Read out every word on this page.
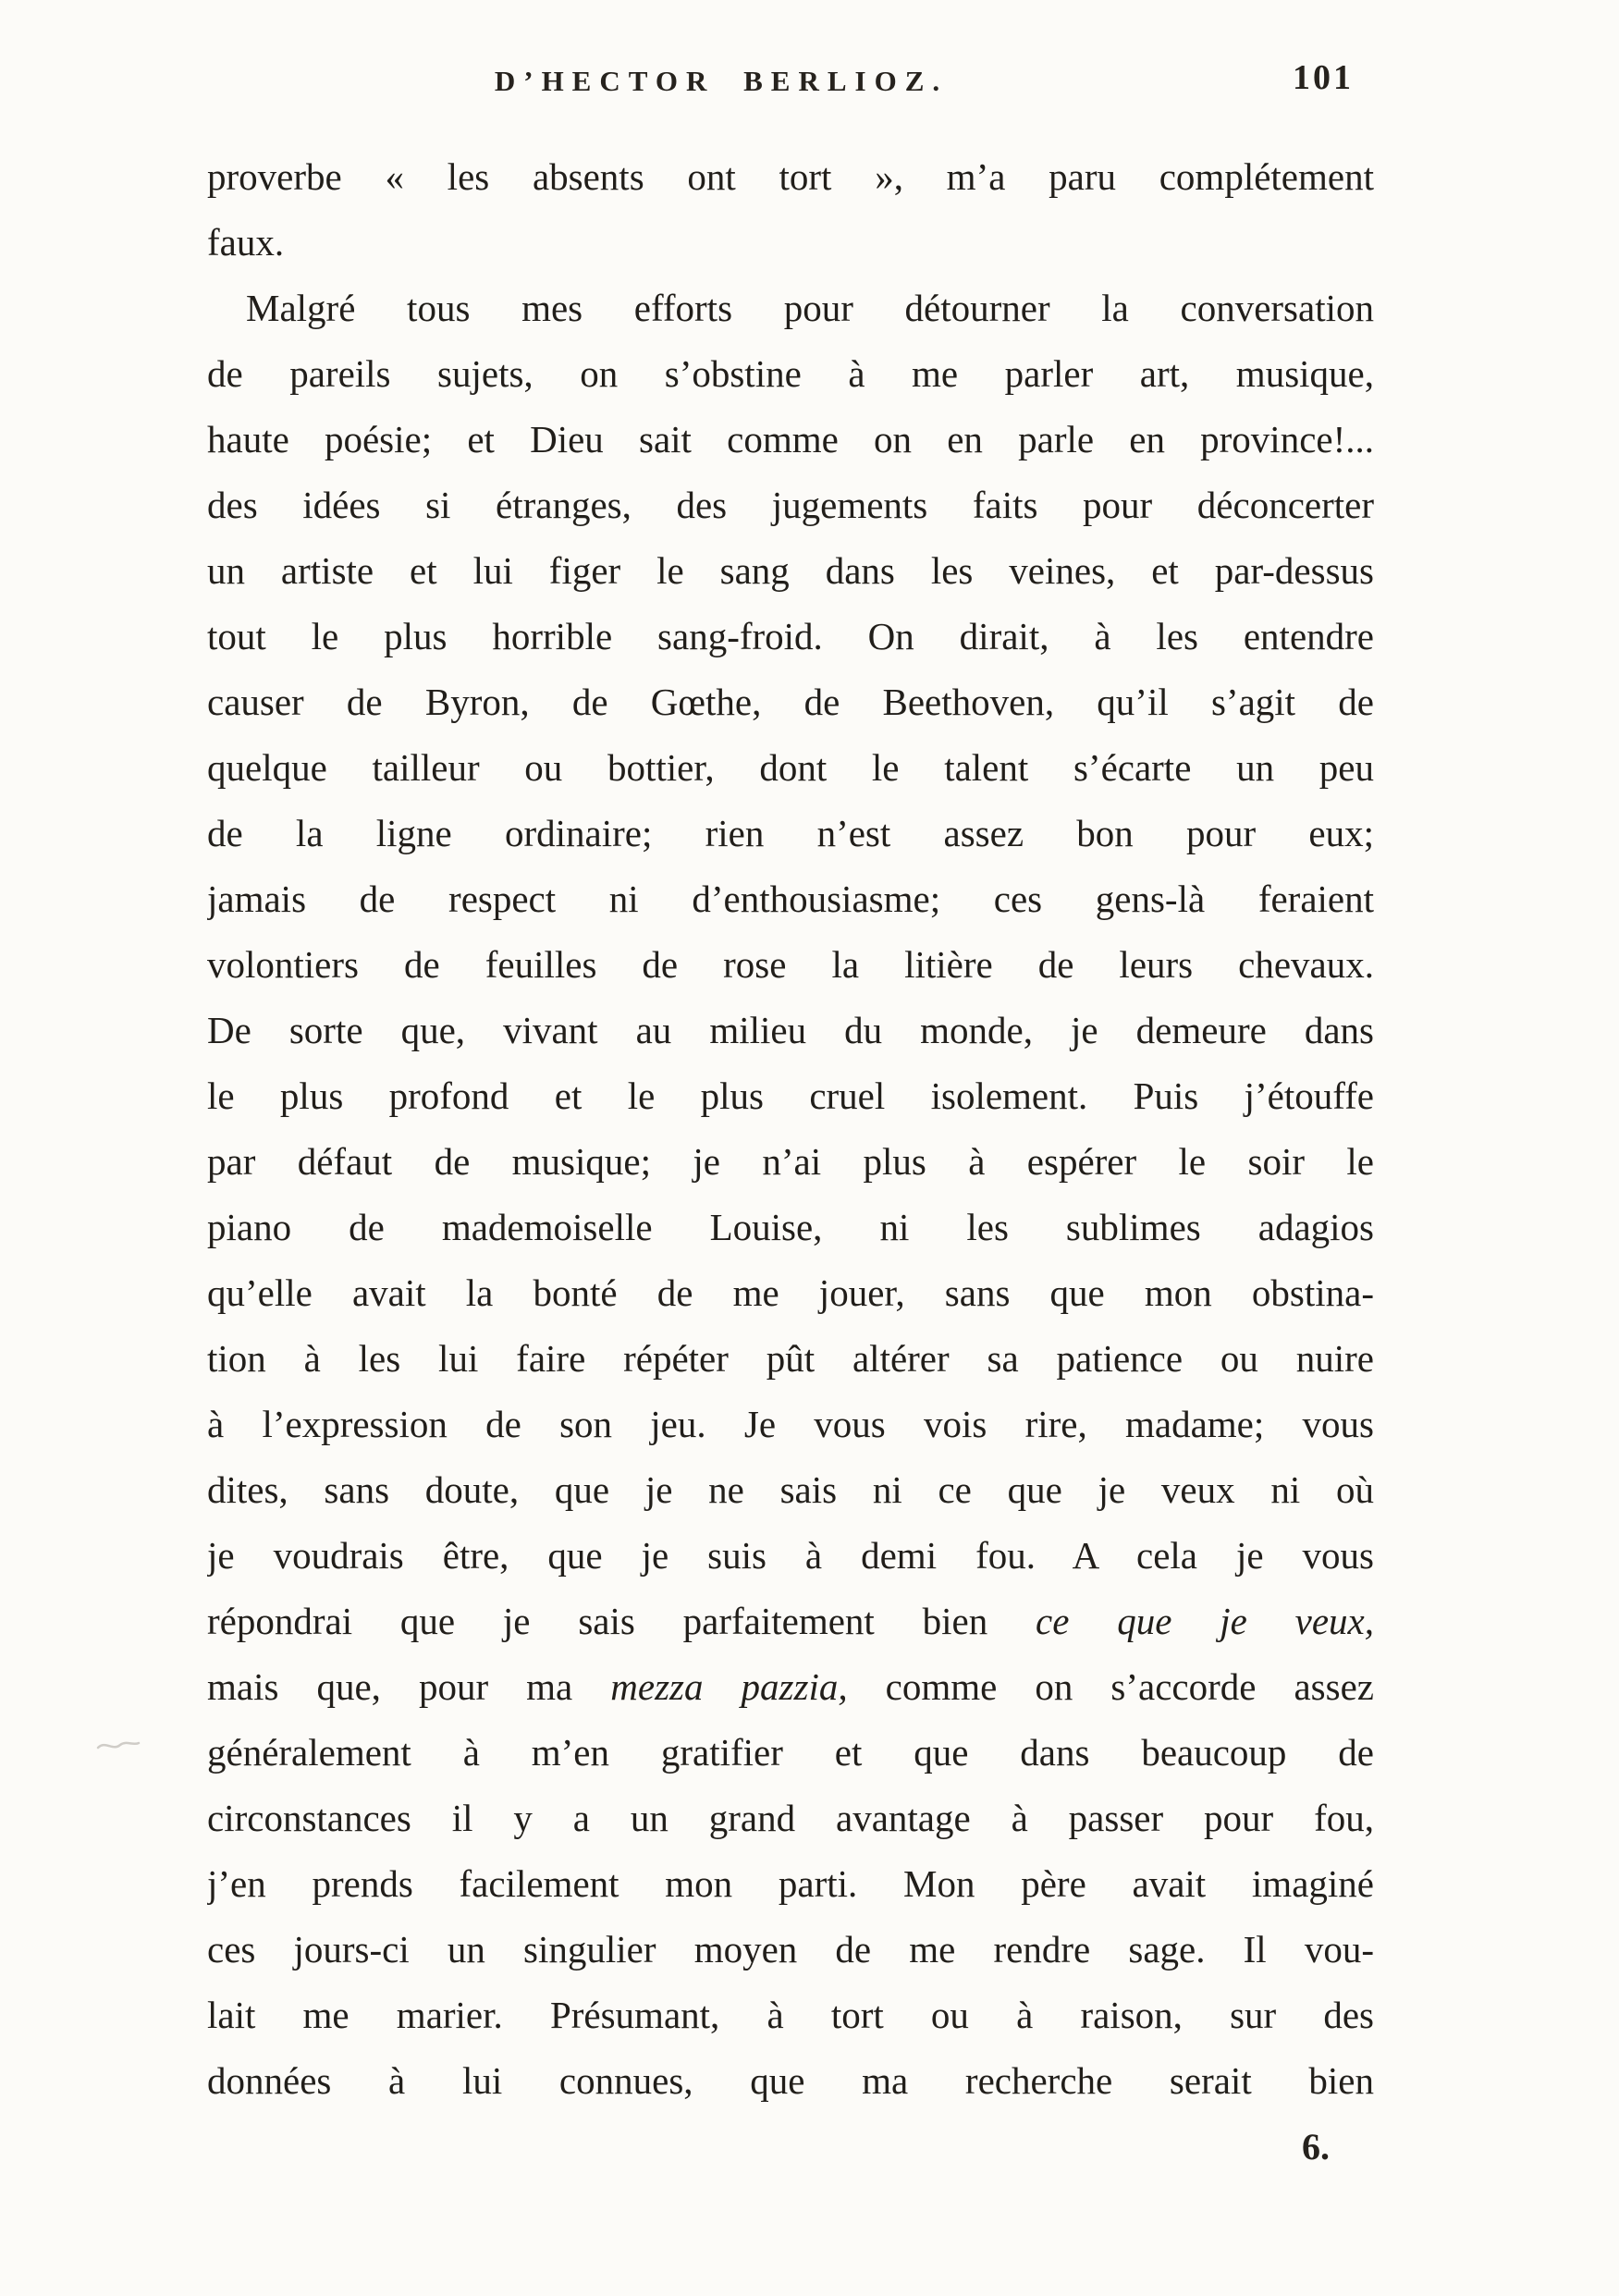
D’HECTOR BERLIOZ.	101
proverbe « les absents ont tort », m’a paru complétement
faux.
Malgré tous mes efforts pour détourner la conversation
de pareils sujets, on s’obstine à me parler art, musique,
haute poésie; et Dieu sait comme on en parle en province!...
des idées si étranges, des jugements faits pour déconcerter
un artiste et lui figer le sang dans les veines, et par-dessus
tout le plus horrible sang-froid. On dirait, à les entendre
causer de Byron, de Gœthe, de Beethoven, qu’il s’agit de
quelque tailleur ou bottier, dont le talent s’écarte un peu
de la ligne ordinaire; rien n’est assez bon pour eux;
jamais de respect ni d’enthousiasme; ces gens-là feraient
volontiers de feuilles de rose la litière de leurs chevaux.
De sorte que, vivant au milieu du monde, je demeure dans
le plus profond et le plus cruel isolement. Puis j’étouffe
par défaut de musique; je n’ai plus à espérer le soir le
piano de mademoiselle Louise, ni les sublimes adagios
qu’elle avait la bonté de me jouer, sans que mon obstina-
tion à les lui faire répéter pût altérer sa patience ou nuire
à l’expression de son jeu. Je vous vois rire, madame; vous
dites, sans doute, que je ne sais ni ce que je veux ni où
je voudrais être, que je suis à demi fou. A cela je vous
répondrai que je sais parfaitement bien ce que je veux,
mais que, pour ma mezza pazzia, comme on s’accorde assez
généralement à m’en gratifier et que dans beaucoup de
circonstances il y a un grand avantage à passer pour fou,
j’en prends facilement mon parti. Mon père avait imaginé
ces jours-ci un singulier moyen de me rendre sage. Il vou-
lait me marier. Présumant, à tort ou à raison, sur des
données à lui connues, que ma recherche serait bien
6.
